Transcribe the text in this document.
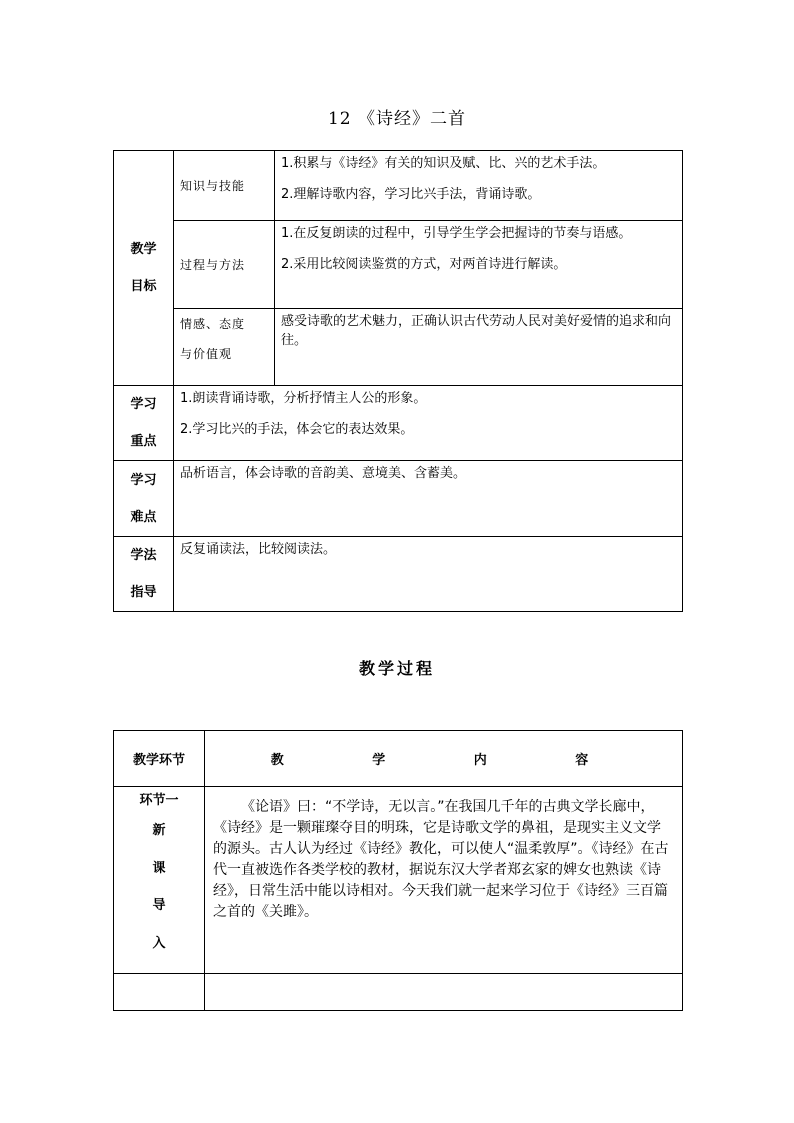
12 《诗经》二首
教学
目标	知识与技能	1.积累与《诗经》有关的知识及赋、比、兴的艺术手法。
2.理解诗歌内容，学习比兴手法，背诵诗歌。

	过程与方法	1.在反复朗读的过程中，引导学生学会把握诗的节奏与语感。
2.采用比较阅读鉴赏的方式，对两首诗进行解读。

	情感、态度
与价值观	感受诗歌的艺术魅力，正确认识古代劳动人民对美好爱情的追求和向往。

学习
重点	1.朗读背诵诗歌，分析抒情主人公的形象。
2.学习比兴的手法，体会它的表达效果。	

学习
难点	品析语言，体会诗歌的音韵美、意境美、含蓄美。	

学法
指导	反复诵读法，比较阅读法。	
教学过程
教学环节	教 学 内 容

环节一
新
课
导
入	《论语》曰：“不学诗，无以言。”在我国几千年的古典文学长廊中，《诗经》是一颗璀璨夺目的明珠，它是诗歌文学的鼻祖，是现实主义文学的源头。古人认为经过《诗经》教化，可以使人“温柔敦厚”。《诗经》在古代一直被选作各类学校的教材，据说东汉大学者郑玄家的婢女也熟读《诗经》，日常生活中能以诗相对。今天我们就一起来学习位于《诗经》三百篇之首的《关雎》。
